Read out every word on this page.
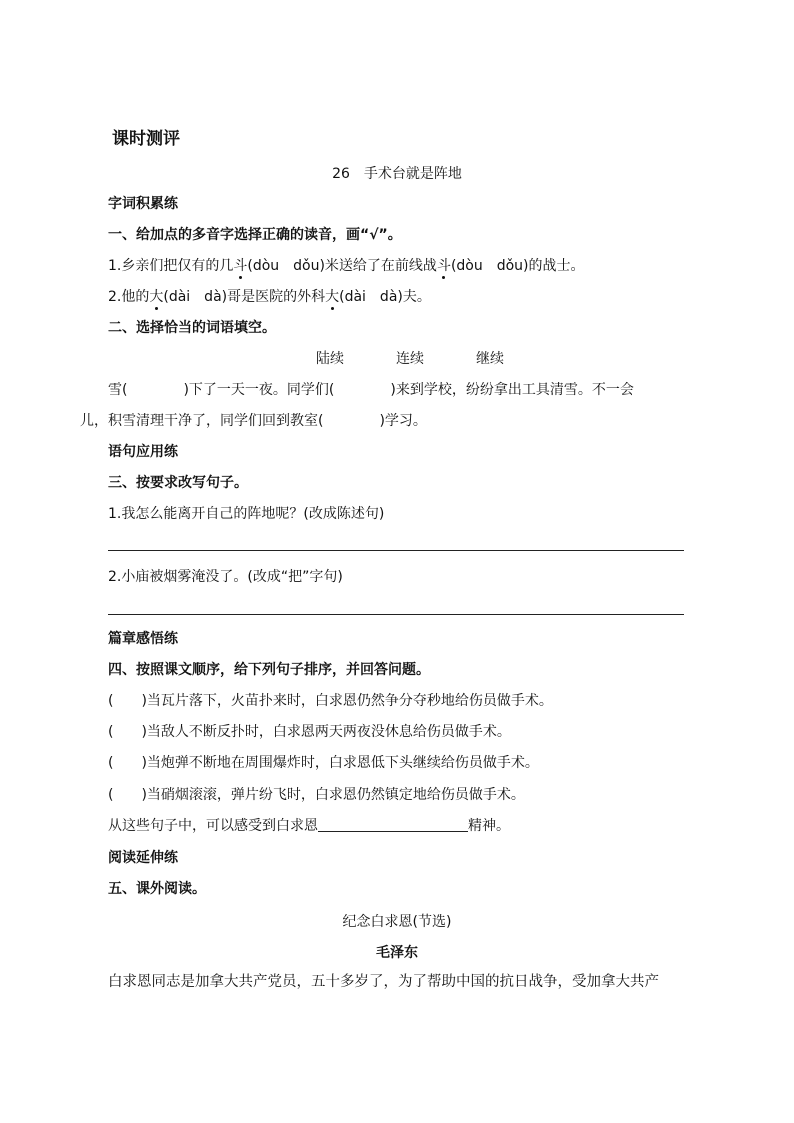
课时测评
26　手术台就是阵地
字词积累练
一、给加点的多音字选择正确的读音，画“√”。
1.乡亲们把仅有的几斗(dòu　dǒu)米送给了在前线战斗(dòu　dǒu)的战士。
2.他的大(dài　dà)哥是医院的外科大(dài　dà)夫。
二、选择恰当的词语填空。
陆续	连续	继续
雪(	)下了一天一夜。同学们(	)来到学校，纷纷拿出工具清雪。不一会
儿，积雪清理干净了，同学们回到教室(	)学习。
语句应用练
三、按要求改写句子。
1.我怎么能离开自己的阵地呢？(改成陈述句)
2.小庙被烟雾淹没了。(改成“把”字句)
篇章感悟练
四、按照课文顺序，给下列句子排序，并回答问题。
(　　)当瓦片落下，火苗扑来时，白求恩仍然争分夺秒地给伤员做手术。
(　　)当敌人不断反扑时，白求恩两天两夜没休息给伤员做手术。
(　　)当炮弹不断地在周围爆炸时，白求恩低下头继续给伤员做手术。
(　　)当硝烟滚滚，弹片纷飞时，白求恩仍然镇定地给伤员做手术。
从这些句子中，可以感受到白求恩	精神。
阅读延伸练
五、课外阅读。
纪念白求恩(节选)
毛泽东
白求恩同志是加拿大共产党员，五十多岁了，为了帮助中国的抗日战争，受加拿大共产
